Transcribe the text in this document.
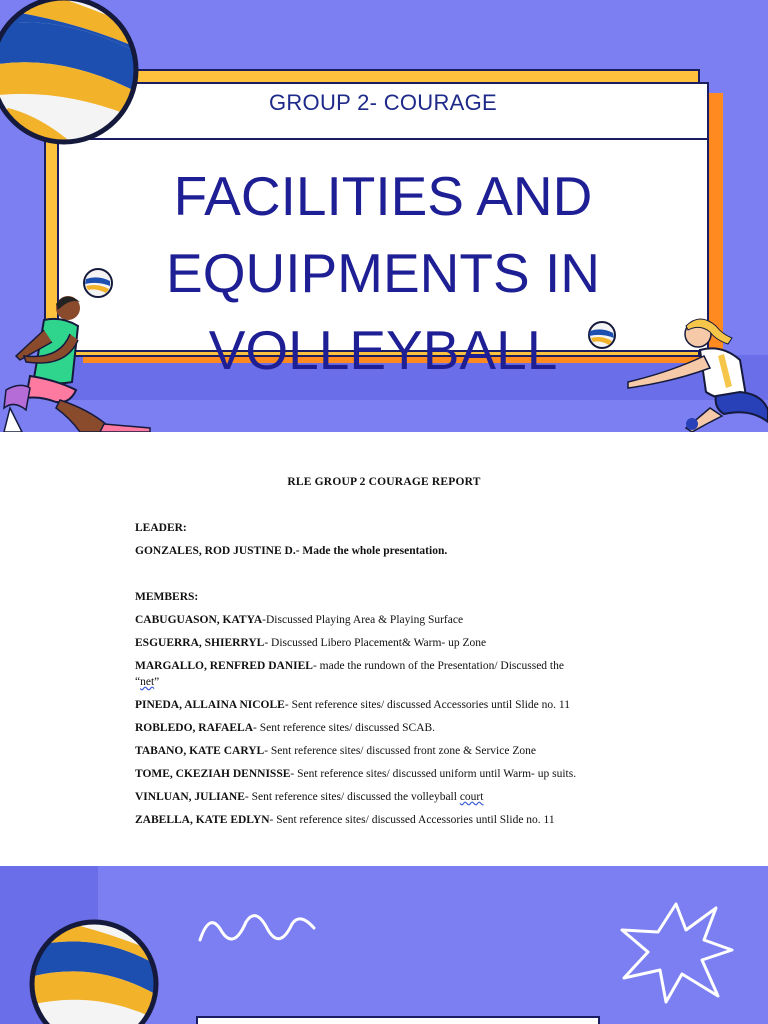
GROUP 2- COURAGE
FACILITIES AND
EQUIPMENTS IN
VOLLEYBALL
RLE GROUP 2 COURAGE REPORT
LEADER:
GONZALES, ROD JUSTINE D.- Made the whole presentation.
MEMBERS:
CABUGUASON, KATYA-Discussed Playing Area & Playing Surface
ESGUERRA, SHIERRYL- Discussed Libero Placement& Warm- up Zone
MARGALLO, RENFRED DANIEL- made the rundown of the Presentation/ Discussed the
“net”
PINEDA, ALLAINA NICOLE- Sent reference sites/ discussed Accessories until Slide no. 11
ROBLEDO, RAFAELA- Sent reference sites/ discussed SCAB.
TABANO, KATE CARYL- Sent reference sites/ discussed front zone & Service Zone
TOME, CKEZIAH DENNISSE- Sent reference sites/ discussed uniform until Warm- up suits.
VINLUAN, JULIANE- Sent reference sites/ discussed the volleyball court
ZABELLA, KATE EDLYN- Sent reference sites/ discussed Accessories until Slide no. 11
